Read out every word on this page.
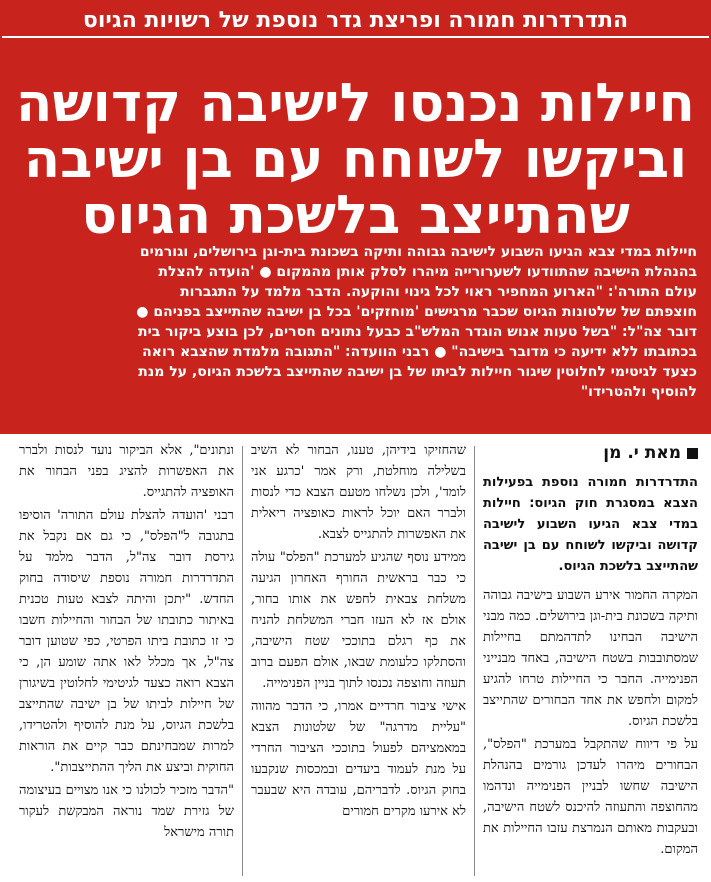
התדרדרות חמורה ופריצת גדר נוספת של רשויות הגיוס
חיילות נכנסו לישיבה קדושה
וביקשו לשוחח עם בן ישיבה
שהתייצב בלשכת הגיוס
חיילות במדי צבא הגיעו השבוע לישיבה גבוהה ותיקה בשכונת בית-וגן בירושלים, וגורמים
בהנהלת הישיבה שהתוודעו לשערורייה מיהרו לסלק אותן מהמקום ● 'הועדה להצלת
עולם התורה': "הארוע המחפיר ראוי לכל גינוי והוקעה. הדבר מלמד על התגברות
חוצפתם של שלטונות הגיוס שכבר מרגישים 'מוחזקים' בכל בן ישיבה שהתייצב בפניהם ●
דובר צה"ל: "בשל טעות אנוש הוגדר המלש"ב כבעל נתונים חסרים, לכן בוצע ביקור בית
בכתובתו ללא ידיעה כי מדובר בישיבה" ● רבני הוועדה: "התגובה מלמדת שהצבא רואה
כצעד לגיטימי לחלוטין שיגור חיילות לביתו של בן ישיבה שהתייצב בלשכת הגיוס, על מנת
להוסיף ולהטרידו"
מאת י. מן

התדרדרות חמורה נוספת בפעילות הצבא במסגרת חוק הגיוס: חיילות במדי צבא הגיעו השבוע לישיבה קדושה וביקשו לשוחח עם בן ישיבה שהתייצב בלשכת הגיוס.

המקרה החמור אירע השבוע בישיבה גבוהה ותיקה בשכונת בית-וגן בירושלים. כמה מבני הישיבה הבחינו לתדהמתם בחיילות שמסתובבות בשטח הישיבה, באחד מבנייני הפנימייה. החבר כי החיילות טרחו להגיע למקום ולחפש את אחד הבחורים שהתייצב בלשכת הגיוס.

על פי דיווח שהתקבל במערכת "הפלס", הבחורים מיהרו לעדכן גורמים בהנהלת הישיבה שחשו לבניין הפנימייה ונדהמו מהחוצפה והתעוזה להיכנס לשטח הישיבה, ובעקבות מאותם הנמרצת עזבו החיילות את המקום.

שהחזיקו בידיהן, טענו, הבחור לא השיב בשלילה מוחלטת, ורק אמר 'כרגע אני לומד', ולכן נשלחו מטעם הצבא כדי לנסות ולברר האם יוכל לראות כאופציה ריאלית את האפשרות להתגייס לצבא.

ממידע נוסף שהגיע למערכת "הפלס" עולה כי כבר בראשית החורף האחרון הגיעה משלחת צבאית לחפש את אותו בחור, אולם אז לא העזו חברי המשלחת להניח את כף רגלם בתוככי שטח הישיבה, והסתלקו כלעומת שבאו, אולם הפעם ברוב תעוזה וחוצפה נכנסו לתוך בניין הפנימייה.

אישי ציבור חרדיים אמרו, כי הדבר מהווה "עליית מדרגה" של שלטונות הצבא במאמציהם לפעול בתוככי הציבור החרדי על מנת לעמוד ביעדים ובמכסות שנקבעו בחוק הגיוס. לדבריהם, עובדה היא שבעבר לא אירעו מקרים חמורים

ונתונים", אלא הביקור נועד לנסות ולברר את האפשרות להציג בפני הבחור את האופציה להתגייס.

רבני 'הועדה להצלת עולם התורה' הוסיפו בתגובה ל"הפלס", כי גם אם נקבל את גירסת דובר צה"ל, הדבר מלמד על התדרדרות חמורה נוספת שיסודה בחוק החדש. "יתכן והיתה לצבא טעות טכנית באיתור כתובתו של הבחור והחיילות חשבו כי זו כתובת ביתו הפרטי, כפי שטוען דובר צה"ל, אך מכלל לאו אתה שומע הן, כי הצבא רואה כצעד לגיטימי לחלוטין בשיגורן של חיילות לביתו של בן ישיבה שהתייצב בלשכת הגיוס, על מנת להוסיף ולהטרידו, למרות שמבחינתם כבר קיים את הוראות החוקית וביצע את הליך ההתייצבות".

"הדבר מזכיר לכולנו כי אנו מצויים בעיצומה של גזירת שמד נוראה המבקשת לעקור תורה מישראל
